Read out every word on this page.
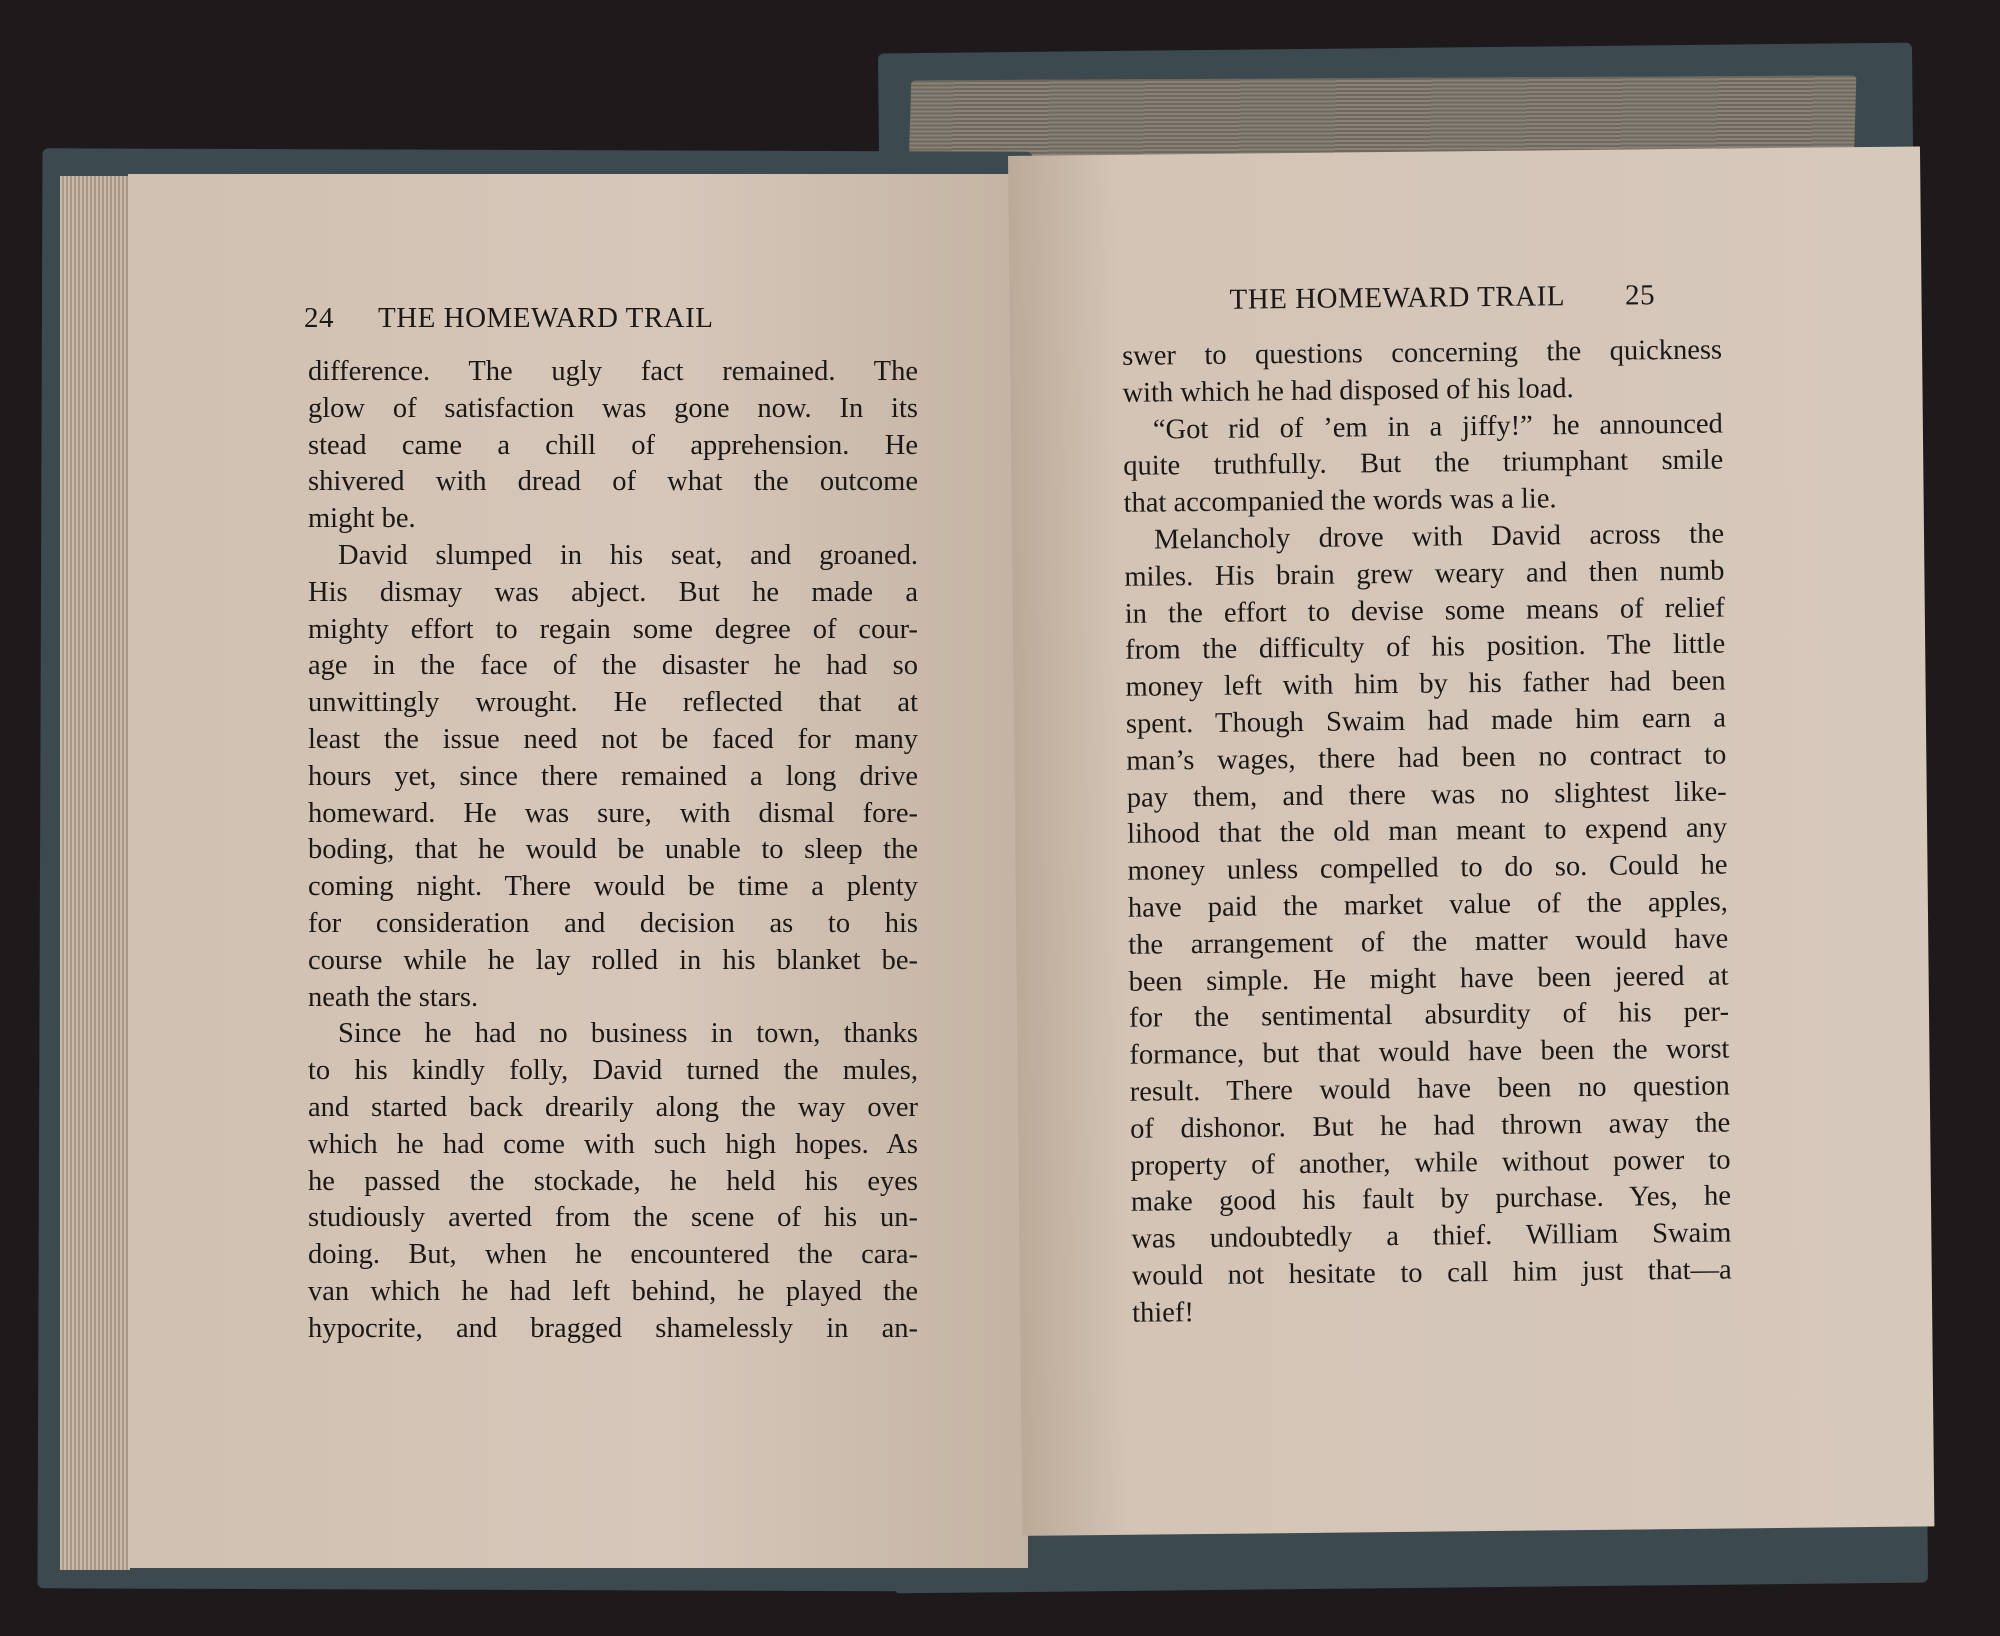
24 THE HOMEWARD TRAIL
difference. The ugly fact remained. The
glow of satisfaction was gone now. In its
stead came a chill of apprehension. He
shivered with dread of what the outcome
might be.
David slumped in his seat, and groaned.
His dismay was abject. But he made a
mighty effort to regain some degree of cour-
age in the face of the disaster he had so
unwittingly wrought. He reflected that at
least the issue need not be faced for many
hours yet, since there remained a long drive
homeward. He was sure, with dismal fore-
boding, that he would be unable to sleep the
coming night. There would be time a plenty
for consideration and decision as to his
course while he lay rolled in his blanket be-
neath the stars.
Since he had no business in town, thanks
to his kindly folly, David turned the mules,
and started back drearily along the way over
which he had come with such high hopes. As
he passed the stockade, he held his eyes
studiously averted from the scene of his un-
doing. But, when he encountered the cara-
van which he had left behind, he played the
hypocrite, and bragged shamelessly in an-
THE HOMEWARD TRAIL 25
swer to questions concerning the quickness
with which he had disposed of his load.
“Got rid of ’em in a jiffy!” he announced
quite truthfully. But the triumphant smile
that accompanied the words was a lie.
Melancholy drove with David across the
miles. His brain grew weary and then numb
in the effort to devise some means of relief
from the difficulty of his position. The little
money left with him by his father had been
spent. Though Swaim had made him earn a
man’s wages, there had been no contract to
pay them, and there was no slightest like-
lihood that the old man meant to expend any
money unless compelled to do so. Could he
have paid the market value of the apples,
the arrangement of the matter would have
been simple. He might have been jeered at
for the sentimental absurdity of his per-
formance, but that would have been the worst
result. There would have been no question
of dishonor. But he had thrown away the
property of another, while without power to
make good his fault by purchase. Yes, he
was undoubtedly a thief. William Swaim
would not hesitate to call him just that—a
thief!
